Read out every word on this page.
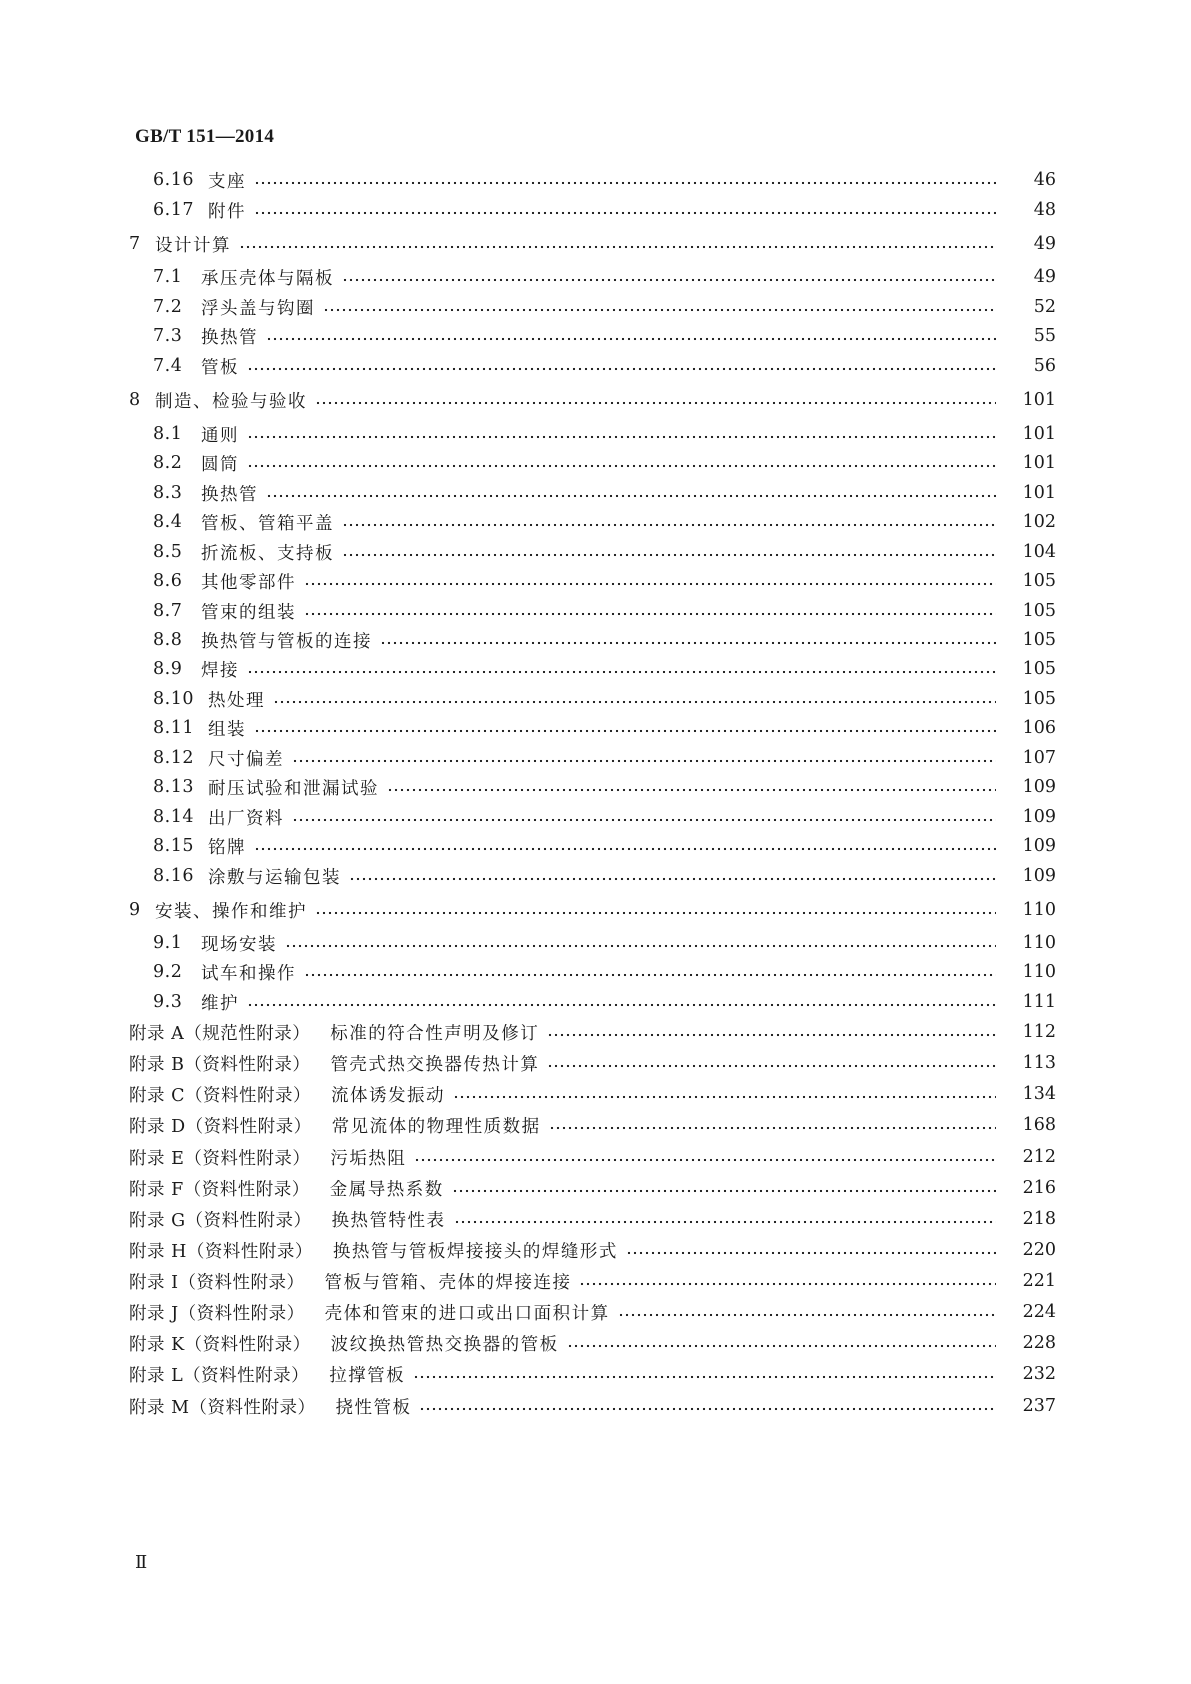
GB/T 151—2014
6.16 支座	46
6.17 附件	48
7 设计计算	49
7.1	承压壳体与隔板	49
7.2	浮头盖与钩圈	52
7.3	换热管	55
7.4	管板	56
8 制造、检验与验收	101
8.1	通则	101
8.2	圆筒	101
8.3	换热管	101
8.4	管板、管箱平盖	102
8.5	折流板、支持板	104
8.6	其他零部件	105
8.7	管束的组装	105
8.8	换热管与管板的连接	105
8.9	焊接	105
8.10 热处理	105
8.11 组装	106
8.12 尺寸偏差	107
8.13 耐压试验和泄漏试验	109
8.14 出厂资料	109
8.15 铭牌	109
8.16 涂敷与运输包装	109
9 安装、操作和维护	110
9.1	现场安装	110
9.2	试车和操作	110
9.3	维护	111
附录 A（规范性附录） 标准的符合性声明及修订	112
附录 B（资料性附录） 管壳式热交换器传热计算	113
附录 C（资料性附录） 流体诱发振动	134
附录 D（资料性附录） 常见流体的物理性质数据	168
附录 E（资料性附录） 污垢热阻	212
附录 F（资料性附录） 金属导热系数	216
附录 G（资料性附录） 换热管特性表	218
附录 H（资料性附录） 换热管与管板焊接接头的焊缝形式	220
附录 I（资料性附录） 管板与管箱、壳体的焊接连接	221
附录 J（资料性附录） 壳体和管束的进口或出口面积计算	224
附录 K（资料性附录） 波纹换热管热交换器的管板	228
附录 L（资料性附录） 拉撑管板	232
附录 M（资料性附录） 挠性管板	237
Ⅱ
